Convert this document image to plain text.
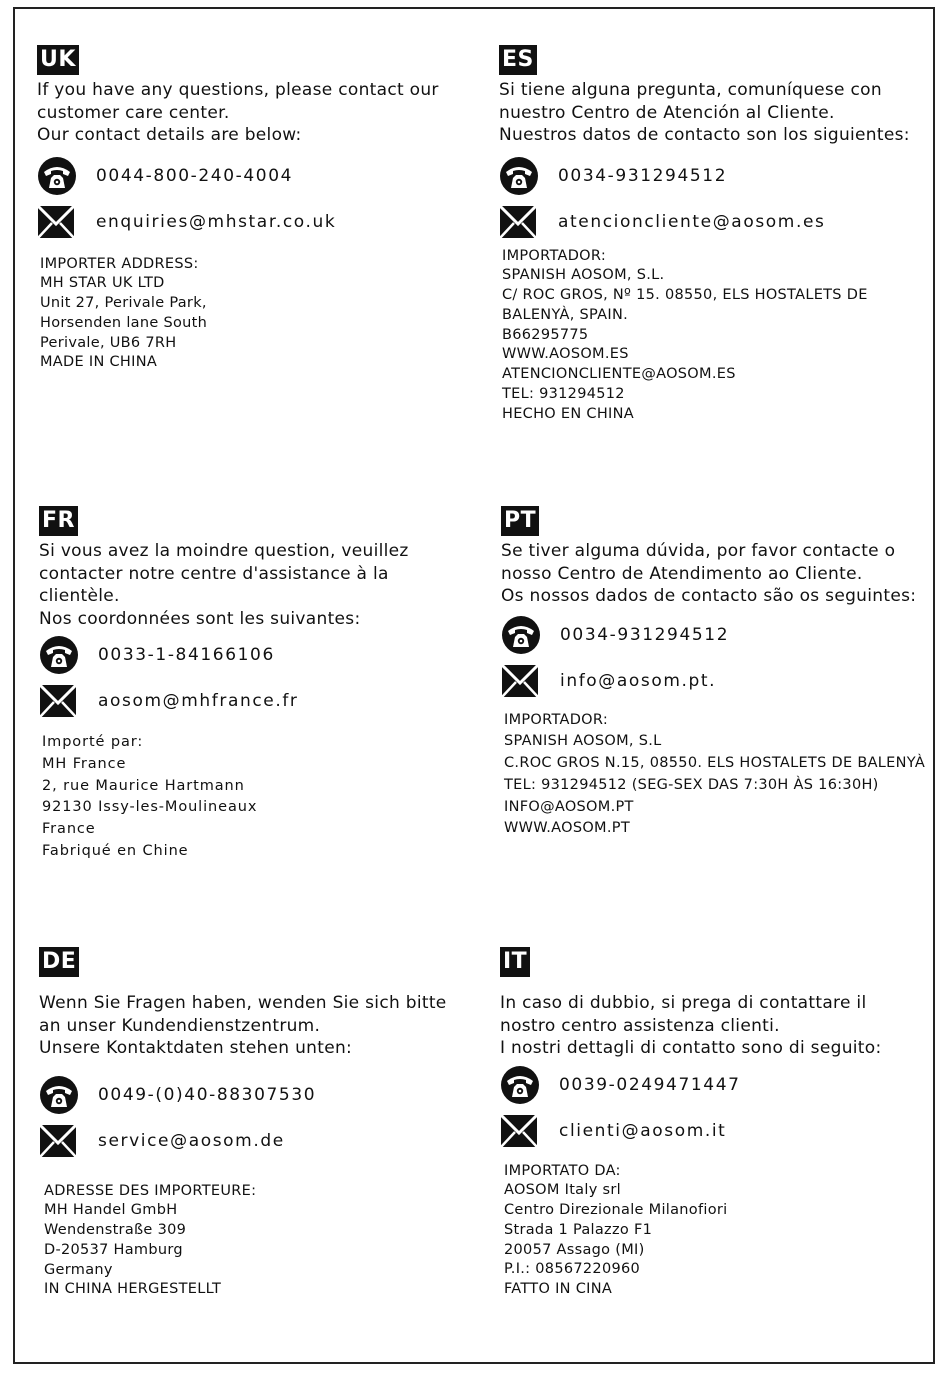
UK
If you have any questions, please contact our
customer care center.
Our contact details are below:
0044-800-240-4004
enquiries@mhstar.co.uk
IMPORTER ADDRESS:
MH STAR UK LTD
Unit 27, Perivale Park,
Horsenden lane South
Perivale, UB6 7RH
MADE IN CHINA
ES
Si tiene alguna pregunta, comuníquese con
nuestro Centro de Atención al Cliente.
Nuestros datos de contacto son los siguientes:
0034-931294512
atencioncliente@aosom.es
IMPORTADOR:
SPANISH AOSOM, S.L.
C/ ROC GROS, Nº 15. 08550, ELS HOSTALETS DE
BALENYÀ, SPAIN.
B66295775
WWW.AOSOM.ES
ATENCIONCLIENTE@AOSOM.ES
TEL: 931294512
HECHO EN CHINA
FR
Si vous avez la moindre question, veuillez
contacter notre centre d'assistance à la
clientèle.
Nos coordonnées sont les suivantes:
0033-1-84166106
aosom@mhfrance.fr
Importé par:
MH France
2, rue Maurice Hartmann
92130 Issy-les-Moulineaux
France
Fabriqué en Chine
PT
Se tiver alguma dúvida, por favor contacte o
nosso Centro de Atendimento ao Cliente.
Os nossos dados de contacto são os seguintes:
0034-931294512
info@aosom.pt.
IMPORTADOR:
SPANISH AOSOM, S.L
C.ROC GROS N.15, 08550. ELS HOSTALETS DE BALENYÀ
TEL: 931294512 (SEG-SEX DAS 7:30H ÀS 16:30H)
INFO@AOSOM.PT
WWW.AOSOM.PT
DE
Wenn Sie Fragen haben, wenden Sie sich bitte
an unser Kundendienstzentrum.
Unsere Kontaktdaten stehen unten:
0049-(0)40-88307530
service@aosom.de
ADRESSE DES IMPORTEURE:
MH Handel GmbH
Wendenstraße 309
D-20537 Hamburg
Germany
IN CHINA HERGESTELLT
IT
In caso di dubbio, si prega di contattare il
nostro centro assistenza clienti.
I nostri dettagli di contatto sono di seguito:
0039-0249471447
clienti@aosom.it
IMPORTATO DA:
AOSOM Italy srl
Centro Direzionale Milanofiori
Strada 1 Palazzo F1
20057 Assago (MI)
P.I.: 08567220960
FATTO IN CINA
